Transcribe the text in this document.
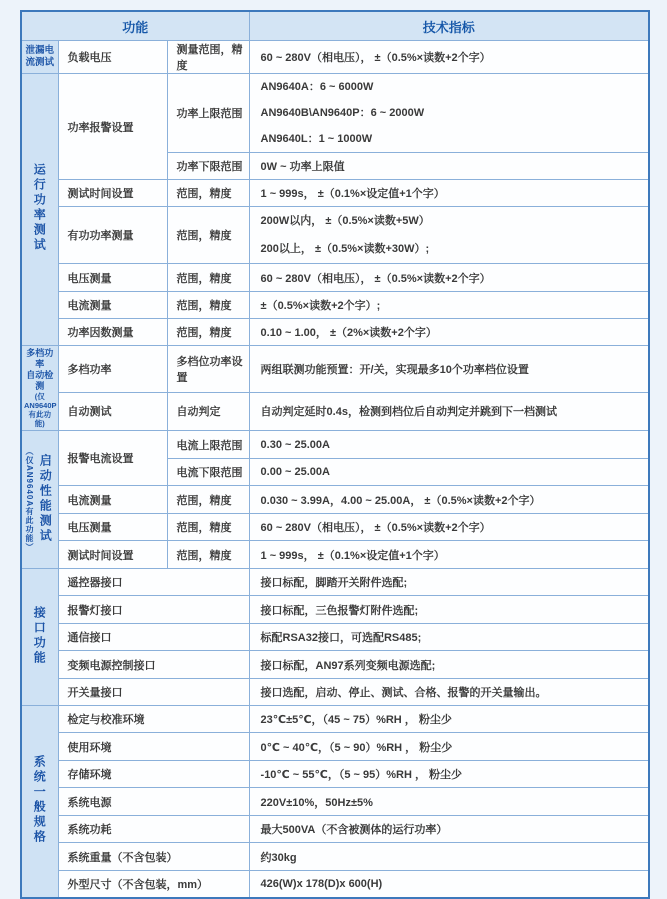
功能			技术指标

泄漏电
流测试	负载电压	测量范围，精度	60 ~ 280V（相电压）， ±（0.5%×读数+2个字）
运行功率测试	功率报警设置	功率上限范围	AN9640A：6 ~ 6000W
AN9640B\AN9640P：6 ~ 2000W
AN9640L：1 ~ 1000W

		功率下限范围	0W ~ 功率上限值
	测试时间设置	范围，精度	1 ~ 999s， ±（0.1%×设定值+1个字）
	有功功率测量	范围，精度	200W以内， ±（0.5%×读数+5W）
200以上， ±（0.5%×读数+30W）;

	电压测量	范围，精度	60 ~ 280V（相电压）， ±（0.5%×读数+2个字）
	电流测量	范围，精度	±（0.5%×读数+2个字）;
	功率因数测量	范围，精度	0.10 ~ 1.00， ±（2%×读数+2个字）

多档功率
自动检测
(仅AN9640P
有此功能)	多档功率	多档位功率设置	两组联测功能预置：开/关，实现最多10个功率档位设置
	自动测试	自动判定	自动判定延时0.4s，检测到档位后自动判定并跳到下一档测试

（仅AN9640A有此功能） 启动性能测试	报警电流设置	电流上限范围	0.30 ~ 25.00A
		电流下限范围	0.00 ~ 25.00A
	电流测量	范围，精度	0.030 ~ 3.99A，4.00 ~ 25.00A， ±（0.5%×读数+2个字）
	电压测量	范围，精度	60 ~ 280V（相电压）， ±（0.5%×读数+2个字）
	测试时间设置	范围，精度	1 ~ 999s， ±（0.1%×设定值+1个字）
接口功能	遥控器接口		接口标配，脚踏开关附件选配;
	报警灯接口		接口标配，三色报警灯附件选配;
	通信接口		标配RSA32接口，可选配RS485;
	变频电源控制接口		接口标配，AN97系列变频电源选配;
	开关量接口		接口选配，启动、停止、测试、合格、报警的开关量输出。
系统一般规格	检定与校准环境		23℃±5℃，（45 ~ 75）%RH ， 粉尘少
	使用环境		0℃ ~ 40℃，（5 ~ 90）%RH ， 粉尘少
	存储环境		-10℃ ~ 55℃，（5 ~ 95）%RH ， 粉尘少
	系统电源		220V±10%，50Hz±5%
	系统功耗		最大500VA（不含被测体的运行功率）
	系统重量（不含包装）		约30kg
	外型尺寸（不含包装，mm）		426(W)x 178(D)x 600(H)
